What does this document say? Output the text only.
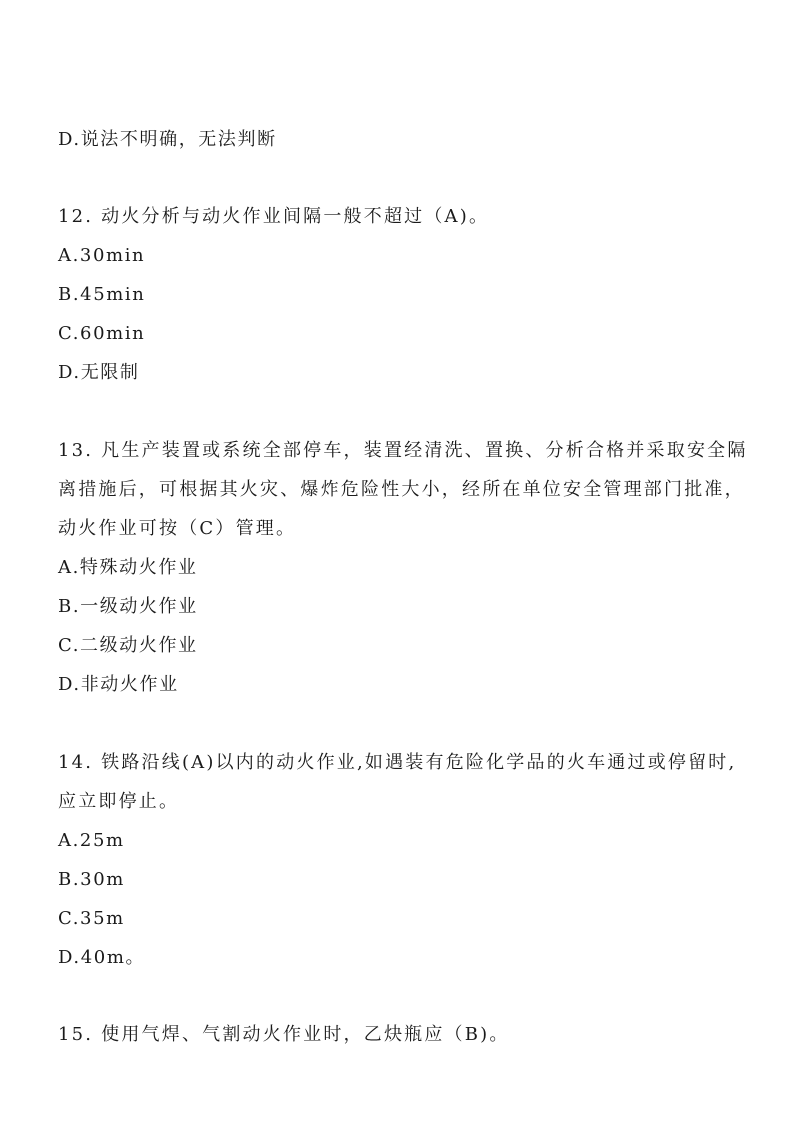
D.说法不明确，无法判断
12. 动火分析与动火作业间隔一般不超过（A)。
A.30min
B.45min
C.60min
D.无限制
13. 凡生产装置或系统全部停车，装置经清洗、置换、分析合格并采取安全隔
离措施后，可根据其火灾、爆炸危险性大小，经所在单位安全管理部门批准，
动火作业可按（C）管理。
A.特殊动火作业
B.一级动火作业
C.二级动火作业
D.非动火作业
14. 铁路沿线(A)以内的动火作业,如遇装有危险化学品的火车通过或停留时,
应立即停止。
A.25m
B.30m
C.35m
D.40m。
15. 使用气焊、气割动火作业时，乙炔瓶应（B)。
